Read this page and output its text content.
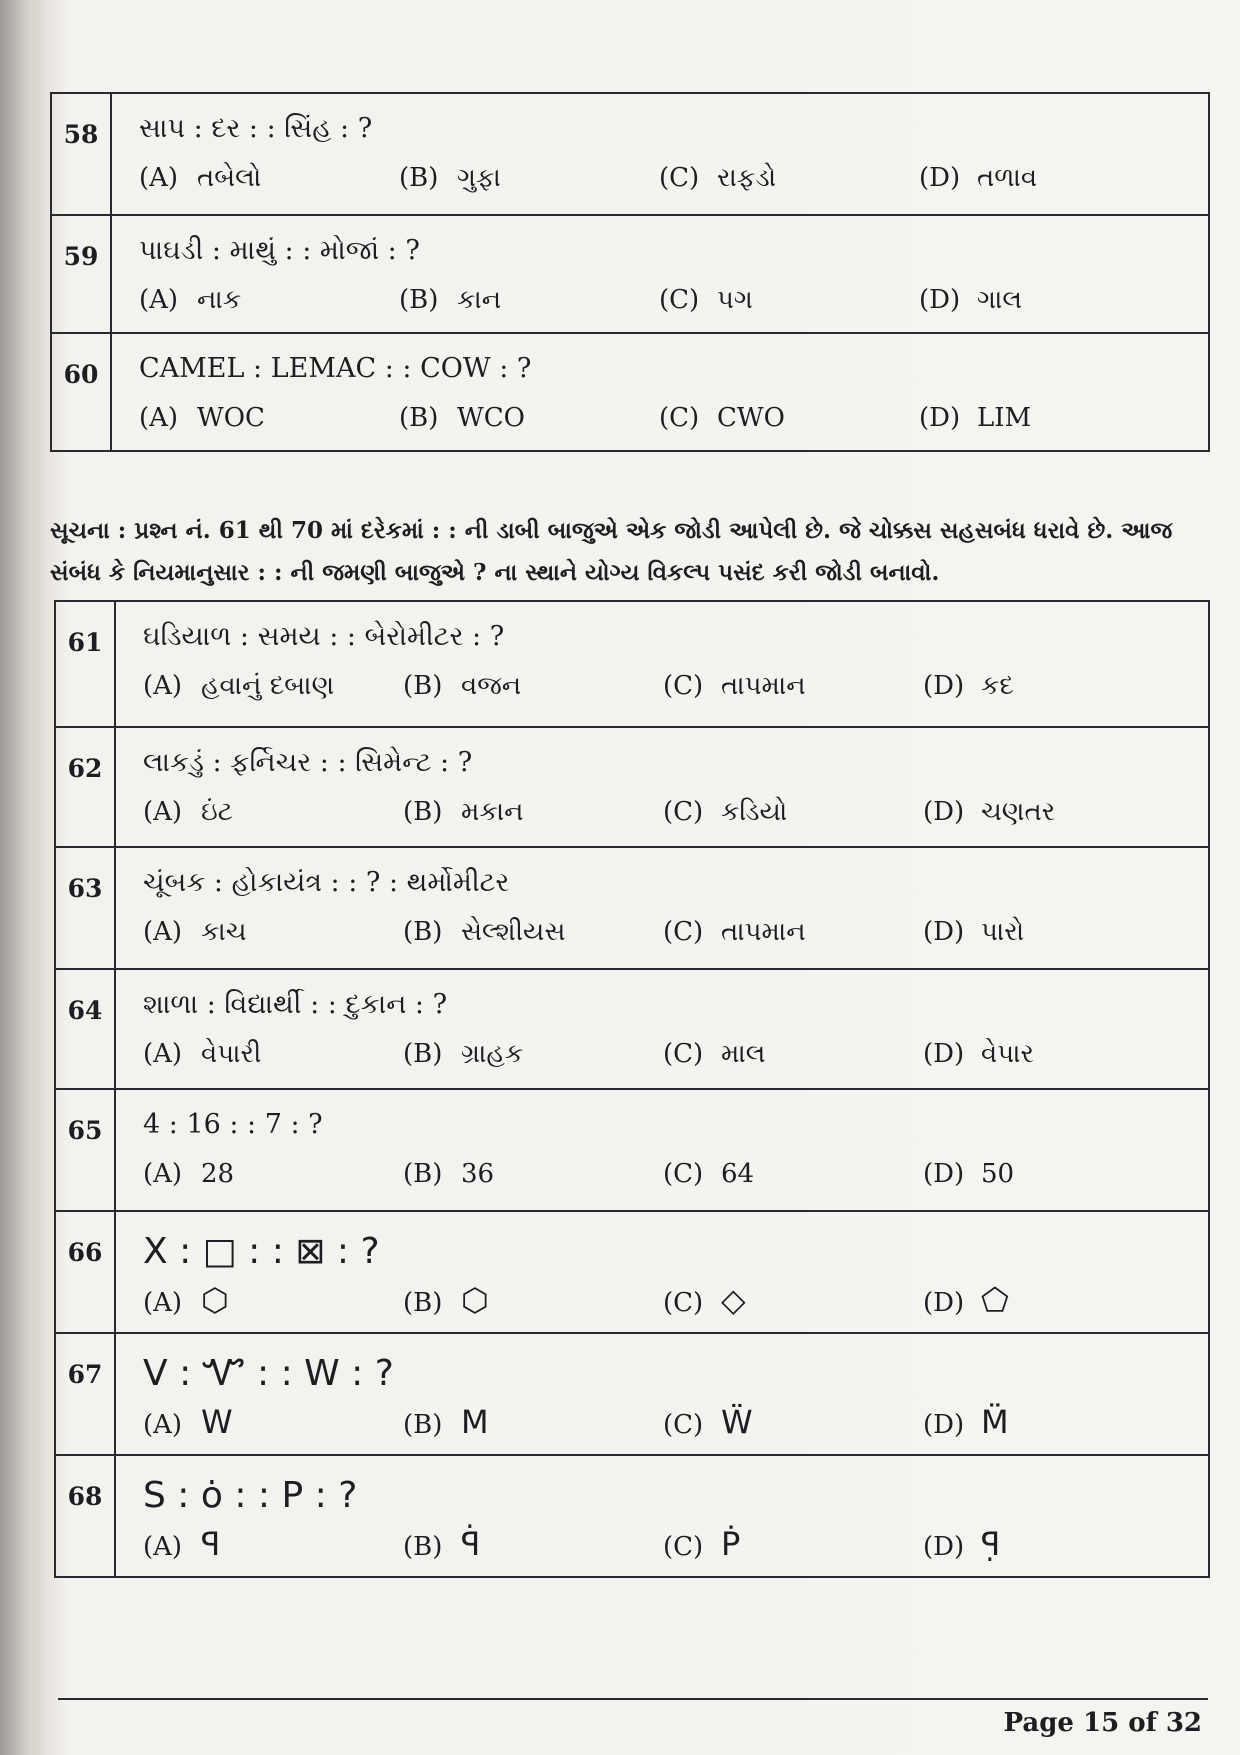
58	સાપ : દર : : સિંહ : ?
(A) તબેલો (B) ગુફા (C) રાફડો (D) તળાવ

59	પાઘડી : માથું : : મોજાં : ?
(A) નાક (B) કાન (C) પગ (D) ગાલ

60	CAMEL : LEMAC : : COW : ?
(A) WOC (B) WCO (C) CWO (D) LIM
સૂચના : પ્રશ્ન નં. 61 થી 70 માં દરેકમાં : : ની ડાબી બાજુએ એક જોડી આપેલી છે. જે ચોક્કસ સહસબંધ ધરાવે છે. આજ સંબંધ કે નિયમાનુસાર : : ની જમણી બાજુએ ? ના સ્થાને યોગ્ય વિકલ્પ પસંદ કરી જોડી બનાવો.
61	ઘડિયાળ : સમય : : બેરોમીટર : ?
(A) હવાનું દબાણ (B) વજન (C) તાપમાન (D) કદ

62	લાકડું : ફર્નિચર : : સિમેન્ટ : ?
(A) ઇંટ (B) મકાન (C) કડિયો (D) ચણતર

63	ચૂંબક : હોકાયંત્ર : : ? : થર્મોમીટર
(A) કાચ (B) સેલ્શીયસ (C) તાપમાન (D) પારો

64	શાળા : વિદ્યાર્થી : : દુકાન : ?
(A) વેપારી (B) ગ્રાહક (C) માલ (D) વેપાર

65	4 : 16 : : 7 : ?
(A) 28 (B) 36 (C) 64 (D) 50

66	X : □ : : ⊠ : ?
(A) ⬡ (B) ⬡ (C) ◇ (D) ⬠

67	V : Ꮙ : : W : ?
(A) W (B) M (C) Ẅ (D) M̈

68	S : ȯ : : P : ?
(A) ꟼ (B) ꟼ̇ (C) Ṗ (D) ꟼ̣
Page 15 of 32
